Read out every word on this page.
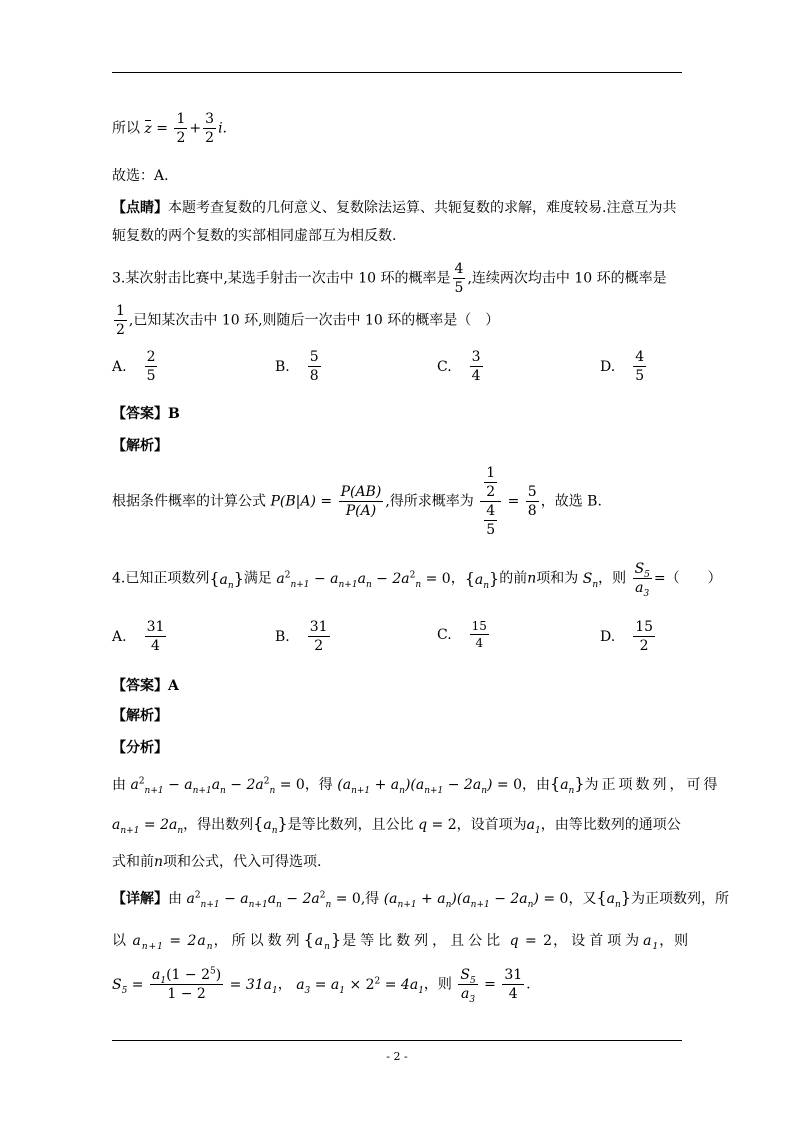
所以 $z = \frac{1}{2} + \frac{3}{2} i$.
故选：A.
【点睛】本题考查复数的几何意义、复数除法运算、共轭复数的求解，难度较易.注意互为共
轭复数的两个复数的实部相同虚部互为相反数.
3.某次射击比赛中,某选手射击一次击中 10 环的概率是 $\frac{4}{5}$ ,连续两次均击中 10 环的概率是
$\frac{1}{2}$ ,已知某次击中 10 环,则随后一次击中 10 环的概率是（　）
A. $\frac{2}{5}$	B. $\frac{5}{8}$	C. $\frac{3}{4}$	D. $\frac{4}{5}$
【答案】B
【解析】
根据条件概率的计算公式 $P(B|A) = \frac{P(AB)}{P(A)}$ ,得所求概率为 $\frac{\frac{1}{2}}{\frac{4}{5}} = \frac{5}{8}$ ，故选 B.
4.已知正项数列$\{a_n\}$满足 $a^2_{n+1} - a_{n+1}a_n - 2a^2_n = 0$，$\{a_n\}$的前n项和为 $S_n$，则 $\frac{S_5}{a_3}$ =（　　）
A. $\frac{31}{4}$	B. $\frac{31}{2}$	C. $\frac{15}{4}$	D. $\frac{15}{2}$
【答案】A
【解析】
【分析】
由 $a^2_{n+1} - a_{n+1}a_n - 2a^2_n = 0$，得 $(a_{n+1} + a_n)(a_{n+1} - 2a_n) = 0$，由$\{a_n\}$为正项数列，可得
$a_{n+1} = 2a_n$，得出数列$\{a_n\}$是等比数列，且公比 q = 2，设首项为$a_1$，由等比数列的通项公
式和前n项和公式，代入可得选项.
【详解】由 $a^2_{n+1} - a_{n+1}a_n - 2a^2_n = 0$,得 $(a_{n+1} + a_n)(a_{n+1} - 2a_n) = 0$，又$\{a_n\}$为正项数列，所
以 $a_{n+1} = 2a_n$，所以数列$\{a_n\}$是等比数列，且公比 q = 2，设首项为$a_1$，则
$S_5 = \frac{a_1(1 - 2^5)}{1 - 2} = 31a_1$， $a_3 = a_1 \times 2^2 = 4a_1$，则 $\frac{S_5}{a_3} = \frac{31}{4}$ .
- 2 -
